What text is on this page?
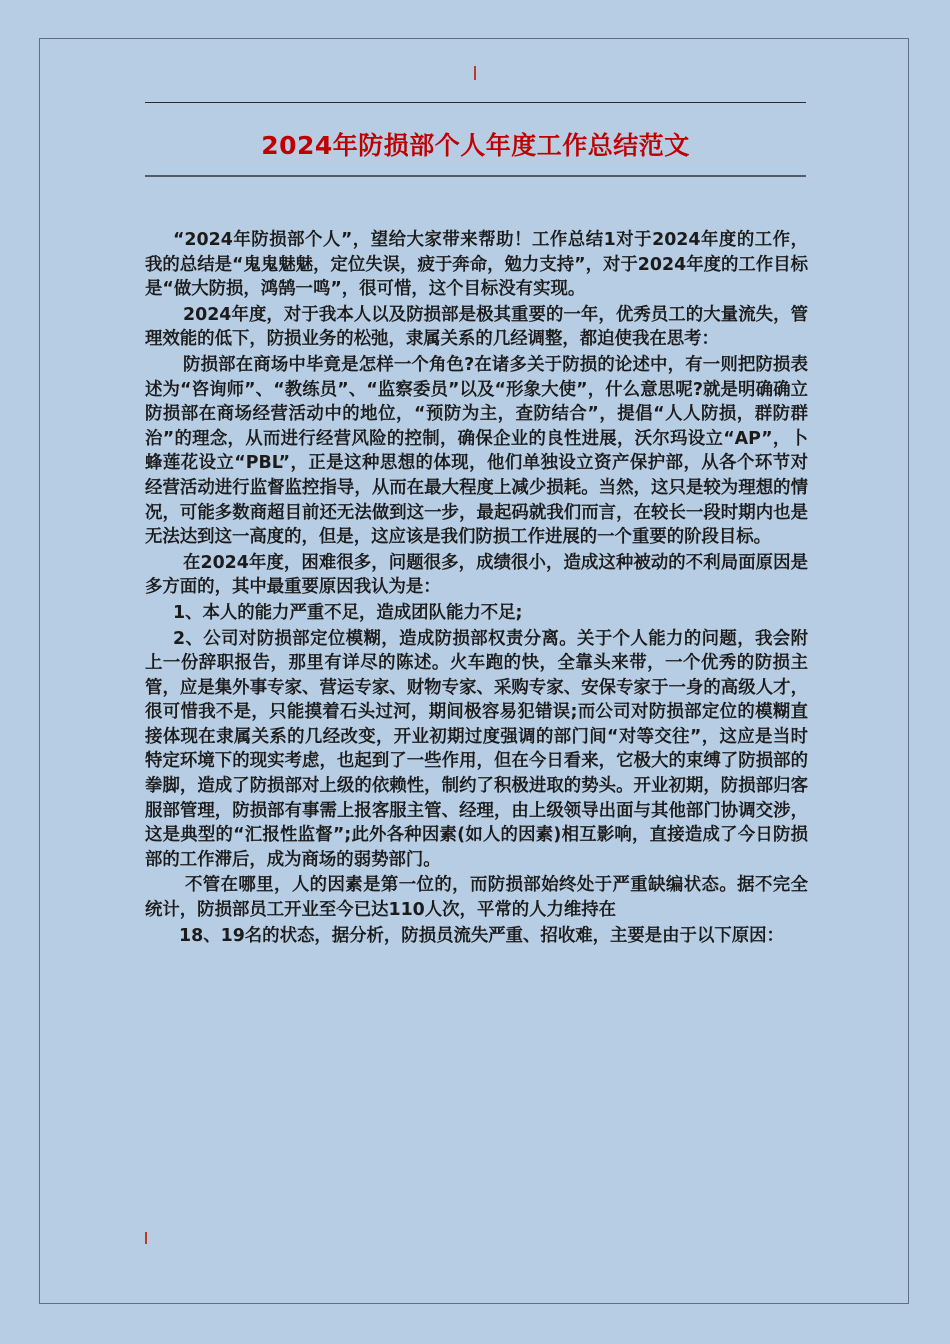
2024年防损部个人年度工作总结范文

“2024年防损部个人”，望给大家带来帮助！工作总结1对于2024年度的工作，我的总结是“鬼鬼魅魅，定位失误，疲于奔命，勉力支持”，对于2024年度的工作目标是“做大防损，鸿鹄一鸣”，很可惜，这个目标没有实现。

2024年度，对于我本人以及防损部是极其重要的一年，优秀员工的大量流失，管理效能的低下，防损业务的松弛，隶属关系的几经调整，都迫使我在思考：

防损部在商场中毕竟是怎样一个角色?在诸多关于防损的论述中，有一则把防损表述为“咨询师”、“教练员”、“监察委员”以及“形象大使”，什么意思呢?就是明确确立防损部在商场经营活动中的地位，“预防为主，查防结合”，提倡“人人防损，群防群治”的理念，从而进行经营风险的控制，确保企业的良性进展，沃尔玛设立“AP”，卜蜂莲花设立“PBL”，正是这种思想的体现，他们单独设立资产保护部，从各个环节对经营活动进行监督监控指导，从而在最大程度上减少损耗。当然，这只是较为理想的情况，可能多数商超目前还无法做到这一步，最起码就我们而言，在较长一段时期内也是无法达到这一高度的，但是，这应该是我们防损工作进展的一个重要的阶段目标。

在2024年度，困难很多，问题很多，成绩很小，造成这种被动的不利局面原因是多方面的，其中最重要原因我认为是：

1、本人的能力严重不足，造成团队能力不足;

2、公司对防损部定位模糊，造成防损部权责分离。关于个人能力的问题，我会附上一份辞职报告，那里有详尽的陈述。火车跑的快，全靠头来带，一个优秀的防损主管，应是集外事专家、营运专家、财物专家、采购专家、安保专家于一身的高级人才，很可惜我不是，只能摸着石头过河，期间极容易犯错误;而公司对防损部定位的模糊直接体现在隶属关系的几经改变，开业初期过度强调的部门间“对等交往”，这应是当时特定环境下的现实考虑，也起到了一些作用，但在今日看来，它极大的束缚了防损部的拳脚，造成了防损部对上级的依赖性，制约了积极进取的势头。开业初期，防损部归客服部管理，防损部有事需上报客服主管、经理，由上级领导出面与其他部门协调交涉，这是典型的“汇报性监督”;此外各种因素(如人的因素)相互影响，直接造成了今日防损部的工作滞后，成为商场的弱势部门。

不管在哪里，人的因素是第一位的，而防损部始终处于严重缺编状态。据不完全统计，防损部员工开业至今已达110人次，平常的人力维持在

18、19名的状态，据分析，防损员流失严重、招收难，主要是由于以下原因：
